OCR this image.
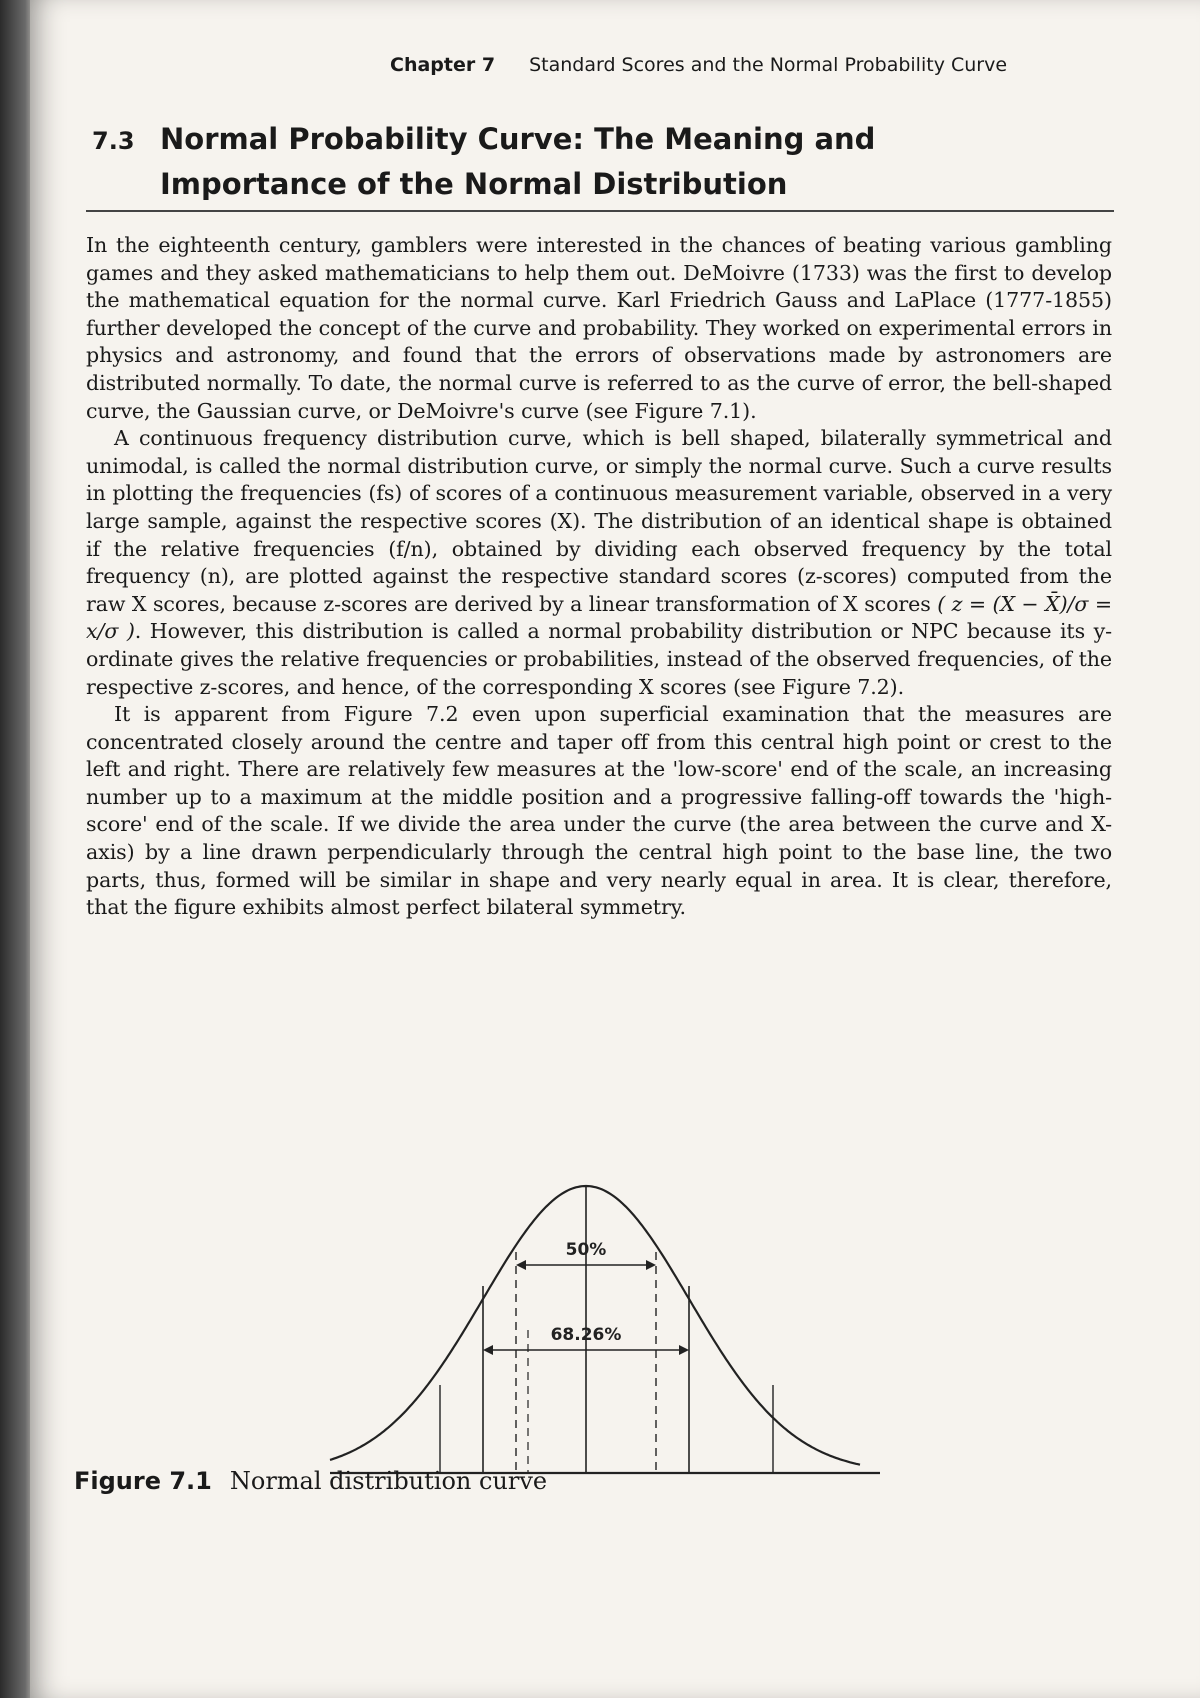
Chapter 7 Standard Scores and the Normal Probability Curve
7.3 Normal Probability Curve: The Meaning and
Importance of the Normal Distribution

In the eighteenth century, gamblers were interested in the chances of beating various gambling games and they asked mathematicians to help them out. DeMoivre (1733) was the first to develop the mathematical equation for the normal curve. Karl Friedrich Gauss and LaPlace (1777-1855) further developed the concept of the curve and probability. They worked on experimental errors in physics and astronomy, and found that the errors of observations made by astronomers are distributed normally. To date, the normal curve is referred to as the curve of error, the bell-shaped curve, the Gaussian curve, or DeMoivre's curve (see Figure 7.1).

A continuous frequency distribution curve, which is bell shaped, bilaterally symmetrical and unimodal, is called the normal distribution curve, or simply the normal curve. Such a curve results in plotting the frequencies (fs) of scores of a continuous measurement variable, observed in a very large sample, against the respective scores (X). The distribution of an identical shape is obtained if the relative frequencies (f/n), obtained by dividing each observed frequency by the total frequency (n), are plotted against the respective standard scores (z-scores) computed from the raw X scores, because z-scores are derived by a linear transformation of X scores ( z = (X − X̄)/σ = x/σ ). However, this distribution is called a normal probability distribution or NPC because its y-ordinate gives the relative frequencies or probabilities, instead of the observed frequencies, of the respective z-scores, and hence, of the corresponding X scores (see Figure 7.2).

It is apparent from Figure 7.2 even upon superficial examination that the measures are concentrated closely around the centre and taper off from this central high point or crest to the left and right. There are relatively few measures at the 'low-score' end of the scale, an increasing number up to a maximum at the middle position and a progressive falling-off towards the 'high-score' end of the scale. If we divide the area under the curve (the area between the curve and X-axis) by a line drawn perpendicularly through the central high point to the base line, the two parts, thus, formed will be similar in shape and very nearly equal in area. It is clear, therefore, that the figure exhibits almost perfect bilateral symmetry.

50%
68.26%
Figure 7.1 Normal distribution curve
